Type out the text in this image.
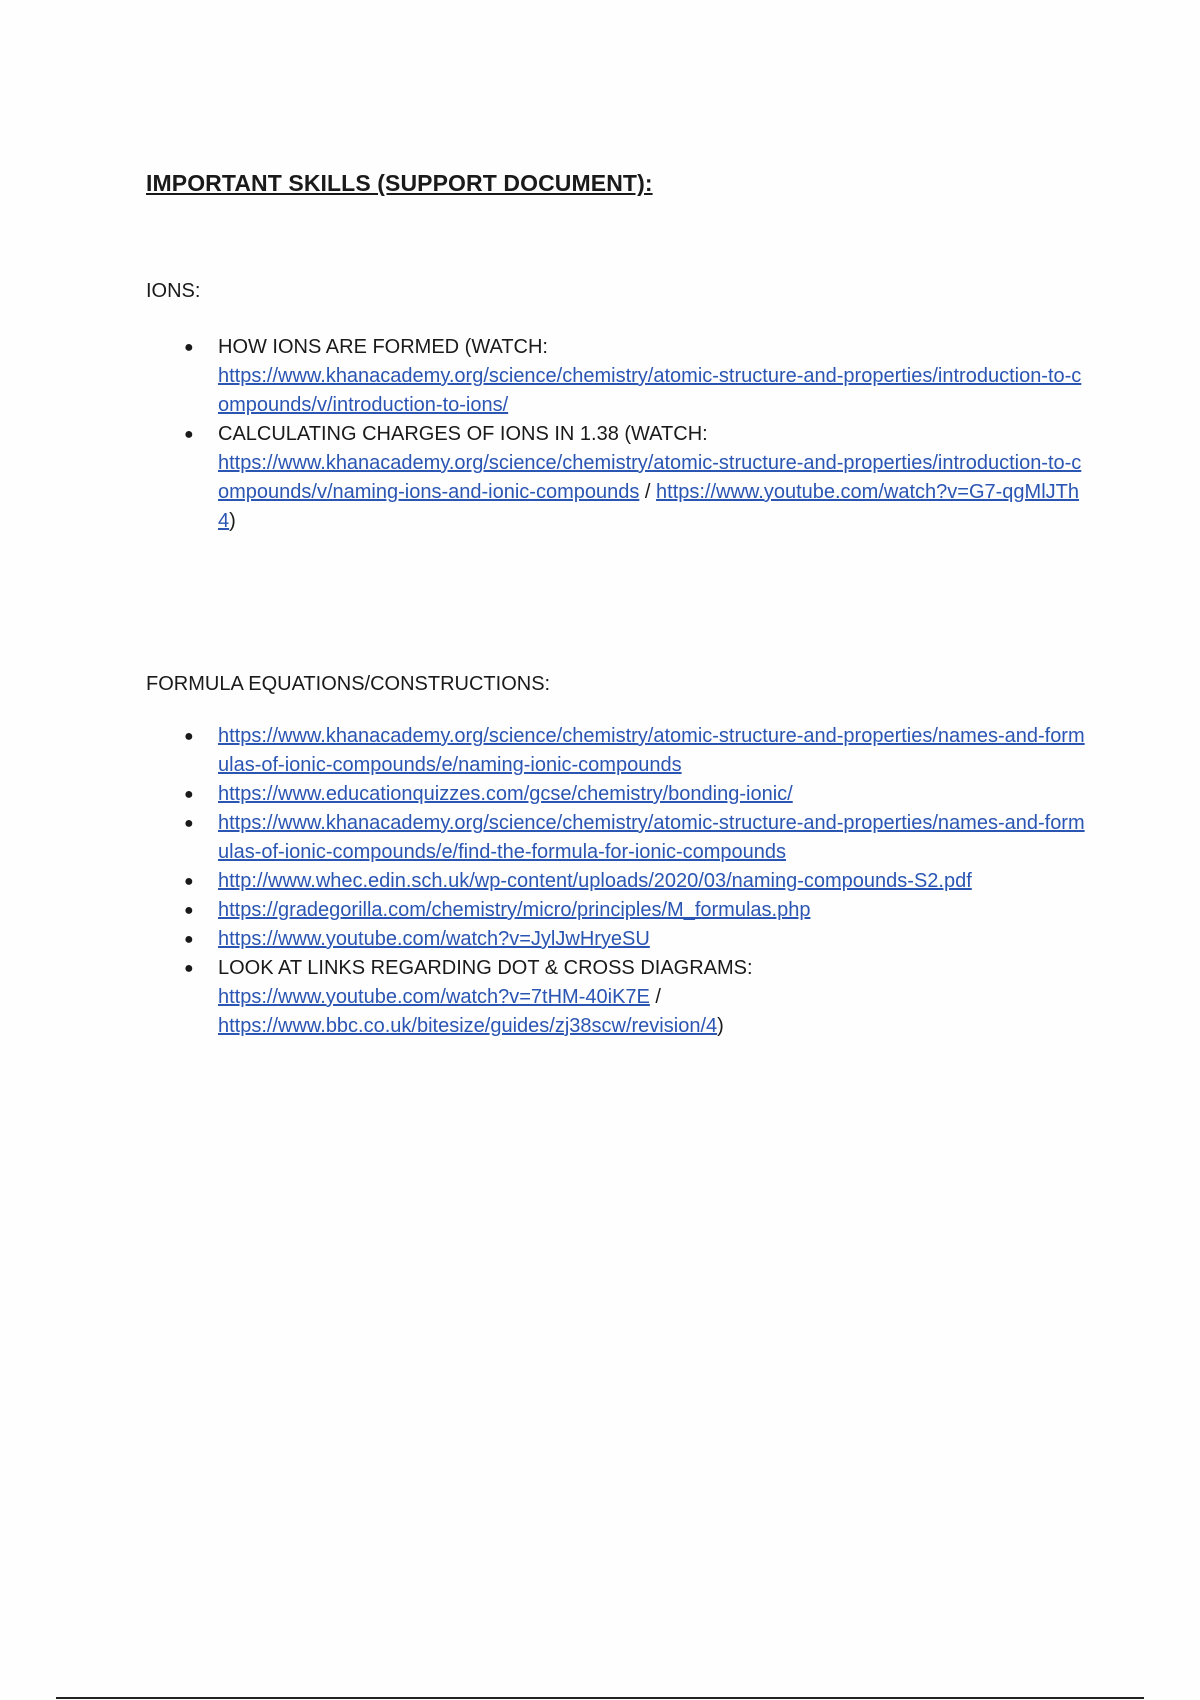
IMPORTANT SKILLS (SUPPORT DOCUMENT):

IONS:

● HOW IONS ARE FORMED (WATCH:
https://www.khanacademy.org/science/chemistry/atomic-structure-and-properties/introduction-to-compounds/v/introduction-to-ions/
● CALCULATING CHARGES OF IONS IN 1.38 (WATCH:
https://www.khanacademy.org/science/chemistry/atomic-structure-and-properties/introduction-to-compounds/v/naming-ions-and-ionic-compounds / https://www.youtube.com/watch?v=G7-qgMlJTh4)

FORMULA EQUATIONS/CONSTRUCTIONS:

● https://www.khanacademy.org/science/chemistry/atomic-structure-and-properties/names-and-formulas-of-ionic-compounds/e/naming-ionic-compounds
● https://www.educationquizzes.com/gcse/chemistry/bonding-ionic/
● https://www.khanacademy.org/science/chemistry/atomic-structure-and-properties/names-and-formulas-of-ionic-compounds/e/find-the-formula-for-ionic-compounds
● http://www.whec.edin.sch.uk/wp-content/uploads/2020/03/naming-compounds-S2.pdf
● https://gradegorilla.com/chemistry/micro/principles/M_formulas.php
● https://www.youtube.com/watch?v=JylJwHryeSU
● LOOK AT LINKS REGARDING DOT & CROSS DIAGRAMS:
https://www.youtube.com/watch?v=7tHM-40iK7E /
https://www.bbc.co.uk/bitesize/guides/zj38scw/revision/4)
